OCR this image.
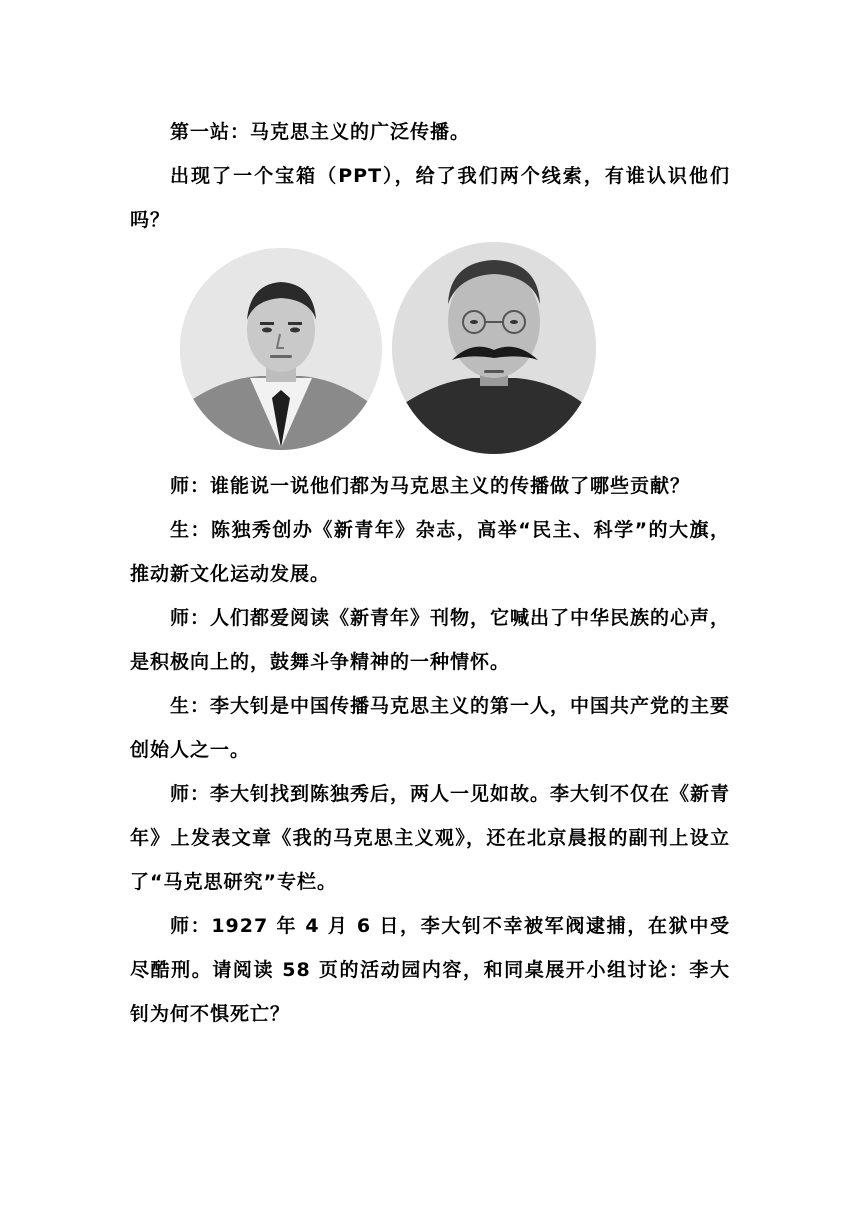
第一站：马克思主义的广泛传播。

出现了一个宝箱（PPT），给了我们两个线索，有谁认识他们吗？

师：谁能说一说他们都为马克思主义的传播做了哪些贡献？

生：陈独秀创办《新青年》杂志，高举“民主、科学”的大旗，推动新文化运动发展。

师：人们都爱阅读《新青年》刊物，它喊出了中华民族的心声，是积极向上的，鼓舞斗争精神的一种情怀。

生：李大钊是中国传播马克思主义的第一人，中国共产党的主要创始人之一。

师：李大钊找到陈独秀后，两人一见如故。李大钊不仅在《新青年》上发表文章《我的马克思主义观》，还在北京晨报的副刊上设立了“马克思研究”专栏。

师：1927 年 4 月 6 日，李大钊不幸被军阀逮捕，在狱中受尽酷刑。请阅读 58 页的活动园内容，和同桌展开小组讨论：李大钊为何不惧死亡？
